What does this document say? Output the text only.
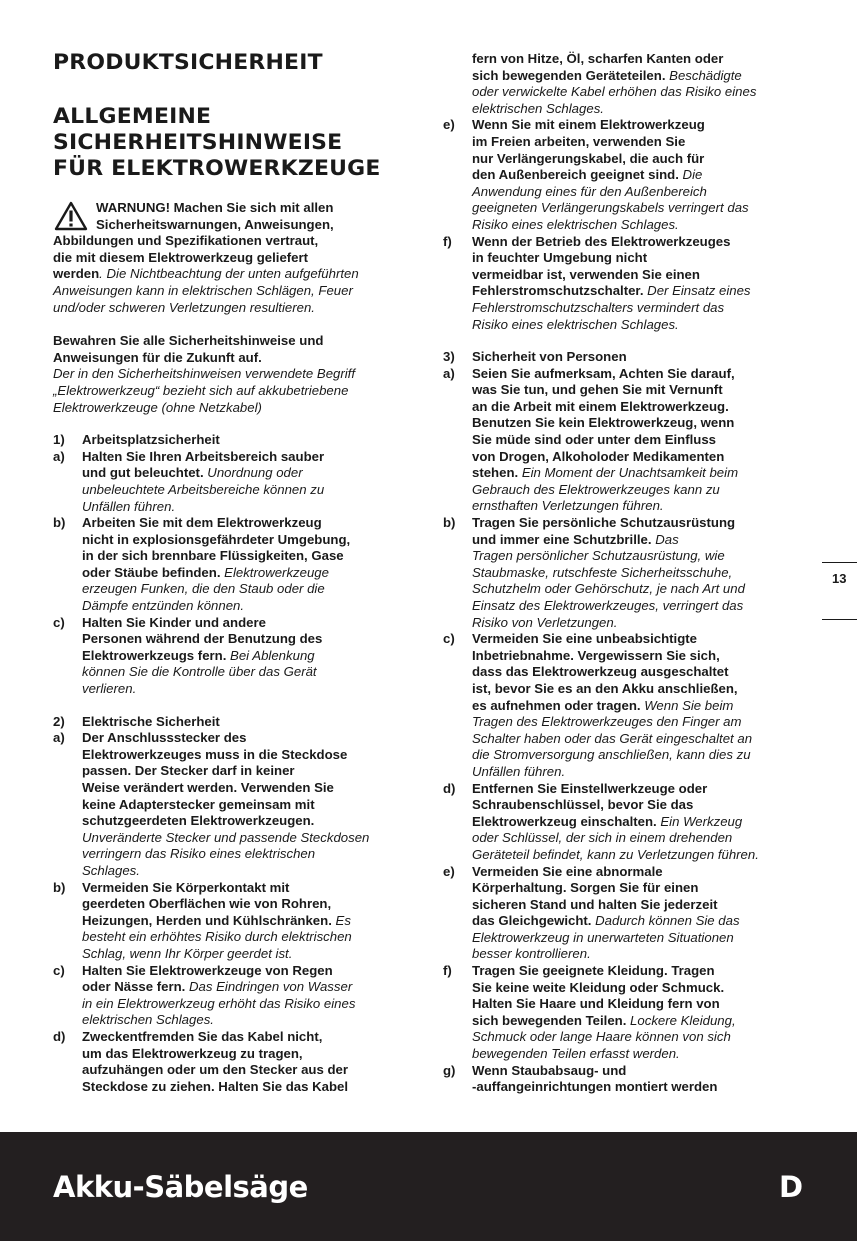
PRODUKTSICHERHEIT
ALLGEMEINE
SICHERHEITSHINWEISE
FÜR ELEKTROWERKZEUGE
WARNUNG! Machen Sie sich mit allen
Sicherheitswarnungen, Anweisungen,
Abbildungen und Spezifikationen vertraut,
die mit diesem Elektrowerkzeug geliefert
werden. Die Nichtbeachtung der unten aufgeführten
Anweisungen kann in elektrischen Schlägen, Feuer
und/oder schweren Verletzungen resultieren.
Bewahren Sie alle Sicherheitshinweise und
Anweisungen für die Zukunft auf.
Der in den Sicherheitshinweisen verwendete Begriff
„Elektrowerkzeug“ bezieht sich auf akkubetriebene
Elektrowerkzeuge (ohne Netzkabel)
1)	Arbeitsplatzsicherheit
a)	Halten Sie Ihren Arbeitsbereich sauber
und gut beleuchtet. Unordnung oder
unbeleuchtete Arbeitsbereiche können zu
Unfällen führen.
b)	Arbeiten Sie mit dem Elektrowerkzeug
nicht in explosionsgefährdeter Umgebung,
in der sich brennbare Flüssigkeiten, Gase
oder Stäube befinden. Elektrowerkzeuge
erzeugen Funken, die den Staub oder die
Dämpfe entzünden können.
c)	Halten Sie Kinder und andere
Personen während der Benutzung des
Elektrowerkzeugs fern. Bei Ablenkung
können Sie die Kontrolle über das Gerät
verlieren.
2)	Elektrische Sicherheit
a)	Der Anschlussstecker des
Elektrowerkzeuges muss in die Steckdose
passen. Der Stecker darf in keiner
Weise verändert werden. Verwenden Sie
keine Adapterstecker gemeinsam mit
schutzgeerdeten Elektrowerkzeugen.
Unveränderte Stecker und passende Steckdosen
verringern das Risiko eines elektrischen
Schlages.
b)	Vermeiden Sie Körperkontakt mit
geerdeten Oberflächen wie von Rohren,
Heizungen, Herden und Kühlschränken. Es
besteht ein erhöhtes Risiko durch elektrischen
Schlag, wenn Ihr Körper geerdet ist.
c)	Halten Sie Elektrowerkzeuge von Regen
oder Nässe fern. Das Eindringen von Wasser
in ein Elektrowerkzeug erhöht das Risiko eines
elektrischen Schlages.
d)	Zweckentfremden Sie das Kabel nicht,
um das Elektrowerkzeug zu tragen,
aufzuhängen oder um den Stecker aus der
Steckdose zu ziehen. Halten Sie das Kabel
fern von Hitze, Öl, scharfen Kanten oder
sich bewegenden Geräteteilen. Beschädigte
oder verwickelte Kabel erhöhen das Risiko eines
elektrischen Schlages.
e)	Wenn Sie mit einem Elektrowerkzeug
im Freien arbeiten, verwenden Sie
nur Verlängerungskabel, die auch für
den Außenbereich geeignet sind. Die
Anwendung eines für den Außenbereich
geeigneten Verlängerungskabels verringert das
Risiko eines elektrischen Schlages.
f)	Wenn der Betrieb des Elektrowerkzeuges
in feuchter Umgebung nicht
vermeidbar ist, verwenden Sie einen
Fehlerstromschutzschalter. Der Einsatz eines
Fehlerstromschutzschalters vermindert das
Risiko eines elektrischen Schlages.
3)	Sicherheit von Personen
a)	Seien Sie aufmerksam, Achten Sie darauf,
was Sie tun, und gehen Sie mit Vernunft
an die Arbeit mit einem Elektrowerkzeug.
Benutzen Sie kein Elektrowerkzeug, wenn
Sie müde sind oder unter dem Einfluss
von Drogen, Alkoholoder Medikamenten
stehen. Ein Moment der Unachtsamkeit beim
Gebrauch des Elektrowerkzeuges kann zu
ernsthaften Verletzungen führen.
b)	Tragen Sie persönliche Schutzausrüstung
und immer eine Schutzbrille. Das
Tragen persönlicher Schutzausrüstung, wie
Staubmaske, rutschfeste Sicherheitsschuhe,
Schutzhelm oder Gehörschutz, je nach Art und
Einsatz des Elektrowerkzeuges, verringert das
Risiko von Verletzungen.
c)	Vermeiden Sie eine unbeabsichtigte
Inbetriebnahme. Vergewissern Sie sich,
dass das Elektrowerkzeug ausgeschaltet
ist, bevor Sie es an den Akku anschließen,
es aufnehmen oder tragen. Wenn Sie beim
Tragen des Elektrowerkzeuges den Finger am
Schalter haben oder das Gerät eingeschaltet an
die Stromversorgung anschließen, kann dies zu
Unfällen führen.
d)	Entfernen Sie Einstellwerkzeuge oder
Schraubenschlüssel, bevor Sie das
Elektrowerkzeug einschalten. Ein Werkzeug
oder Schlüssel, der sich in einem drehenden
Geräteteil befindet, kann zu Verletzungen führen.
e)	Vermeiden Sie eine abnormale
Körperhaltung. Sorgen Sie für einen
sicheren Stand und halten Sie jederzeit
das Gleichgewicht. Dadurch können Sie das
Elektrowerkzeug in unerwarteten Situationen
besser kontrollieren.
f)	Tragen Sie geeignete Kleidung. Tragen
Sie keine weite Kleidung oder Schmuck.
Halten Sie Haare und Kleidung fern von
sich bewegenden Teilen. Lockere Kleidung,
Schmuck oder lange Haare können von sich
bewegenden Teilen erfasst werden.
g)	Wenn Staubabsaug- und
-auffangeinrichtungen montiert werden
13
Akku-Säbelsäge	D
